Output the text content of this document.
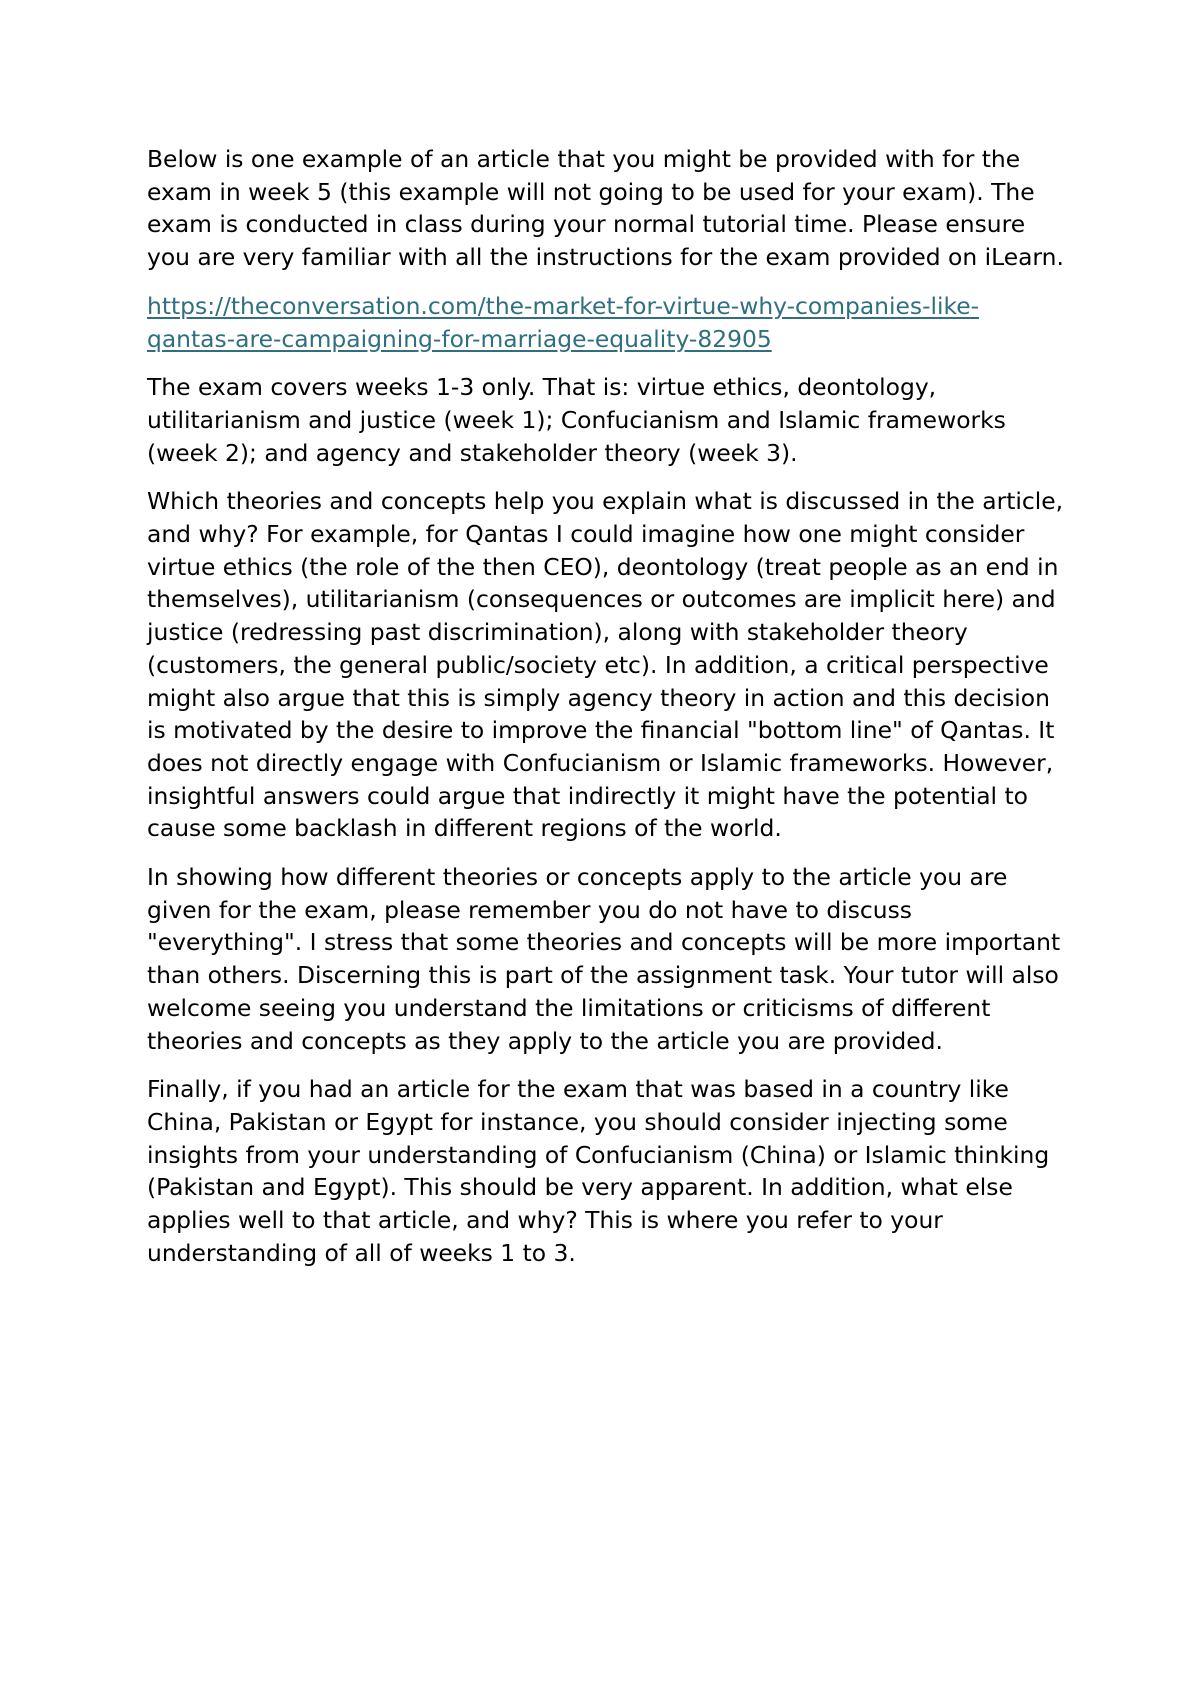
Below is one example of an article that you might be provided with for the exam in week 5 (this example will not going to be used for your exam). The exam is conducted in class during your normal tutorial time. Please ensure you are very familiar with all the instructions for the exam provided on iLearn.

https://theconversation.com/the-market-for-virtue-why-companies-like-
qantas-are-campaigning-for-marriage-equality-82905

The exam covers weeks 1-3 only. That is: virtue ethics, deontology, utilitarianism and justice (week 1); Confucianism and Islamic frameworks (week 2); and agency and stakeholder theory (week 3).

Which theories and concepts help you explain what is discussed in the article, and why? For example, for Qantas I could imagine how one might consider virtue ethics (the role of the then CEO), deontology (treat people as an end in themselves), utilitarianism (consequences or outcomes are implicit here) and justice (redressing past discrimination), along with stakeholder theory (customers, the general public/society etc). In addition, a critical perspective might also argue that this is simply agency theory in action and this decision is motivated by the desire to improve the financial "bottom line" of Qantas. It does not directly engage with Confucianism or Islamic frameworks. However, insightful answers could argue that indirectly it might have the potential to cause some backlash in different regions of the world.

In showing how different theories or concepts apply to the article you are given for the exam, please remember you do not have to discuss "everything". I stress that some theories and concepts will be more important than others. Discerning this is part of the assignment task. Your tutor will also welcome seeing you understand the limitations or criticisms of different theories and concepts as they apply to the article you are provided.

Finally, if you had an article for the exam that was based in a country like China, Pakistan or Egypt for instance, you should consider injecting some insights from your understanding of Confucianism (China) or Islamic thinking (Pakistan and Egypt). This should be very apparent. In addition, what else applies well to that article, and why? This is where you refer to your understanding of all of weeks 1 to 3.
